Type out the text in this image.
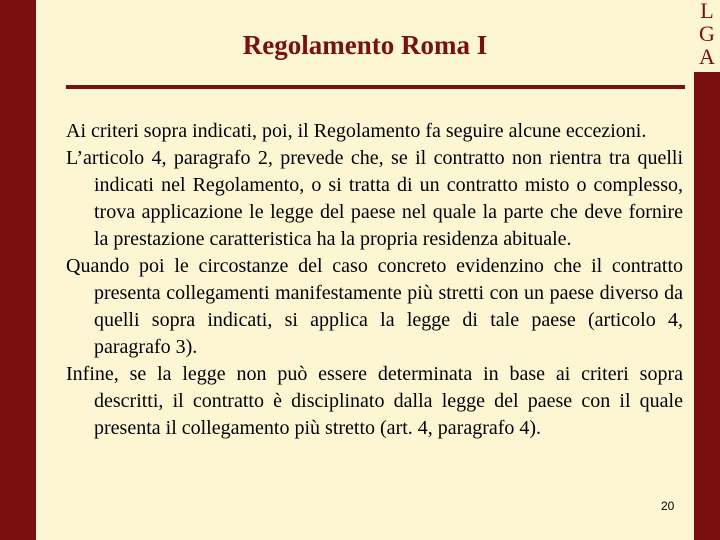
L
G
A
Regolamento Roma I

Ai criteri sopra indicati, poi, il Regolamento fa seguire alcune eccezioni.

L’articolo 4, paragrafo 2, prevede che, se il contratto non rientra tra quelli indicati nel Regolamento, o si tratta di un contratto misto o complesso, trova applicazione le legge del paese nel quale la parte che deve fornire la prestazione caratteristica ha la propria residenza abituale.

Quando poi le circostanze del caso concreto evidenzino che il contratto presenta collegamenti manifestamente più stretti con un paese diverso da quelli sopra indicati, si applica la legge di tale paese (articolo 4, paragrafo 3).

Infine, se la legge non può essere determinata in base ai criteri sopra descritti, il contratto è disciplinato dalla legge del paese con il quale presenta il collegamento più stretto (art. 4, paragrafo 4).

20
